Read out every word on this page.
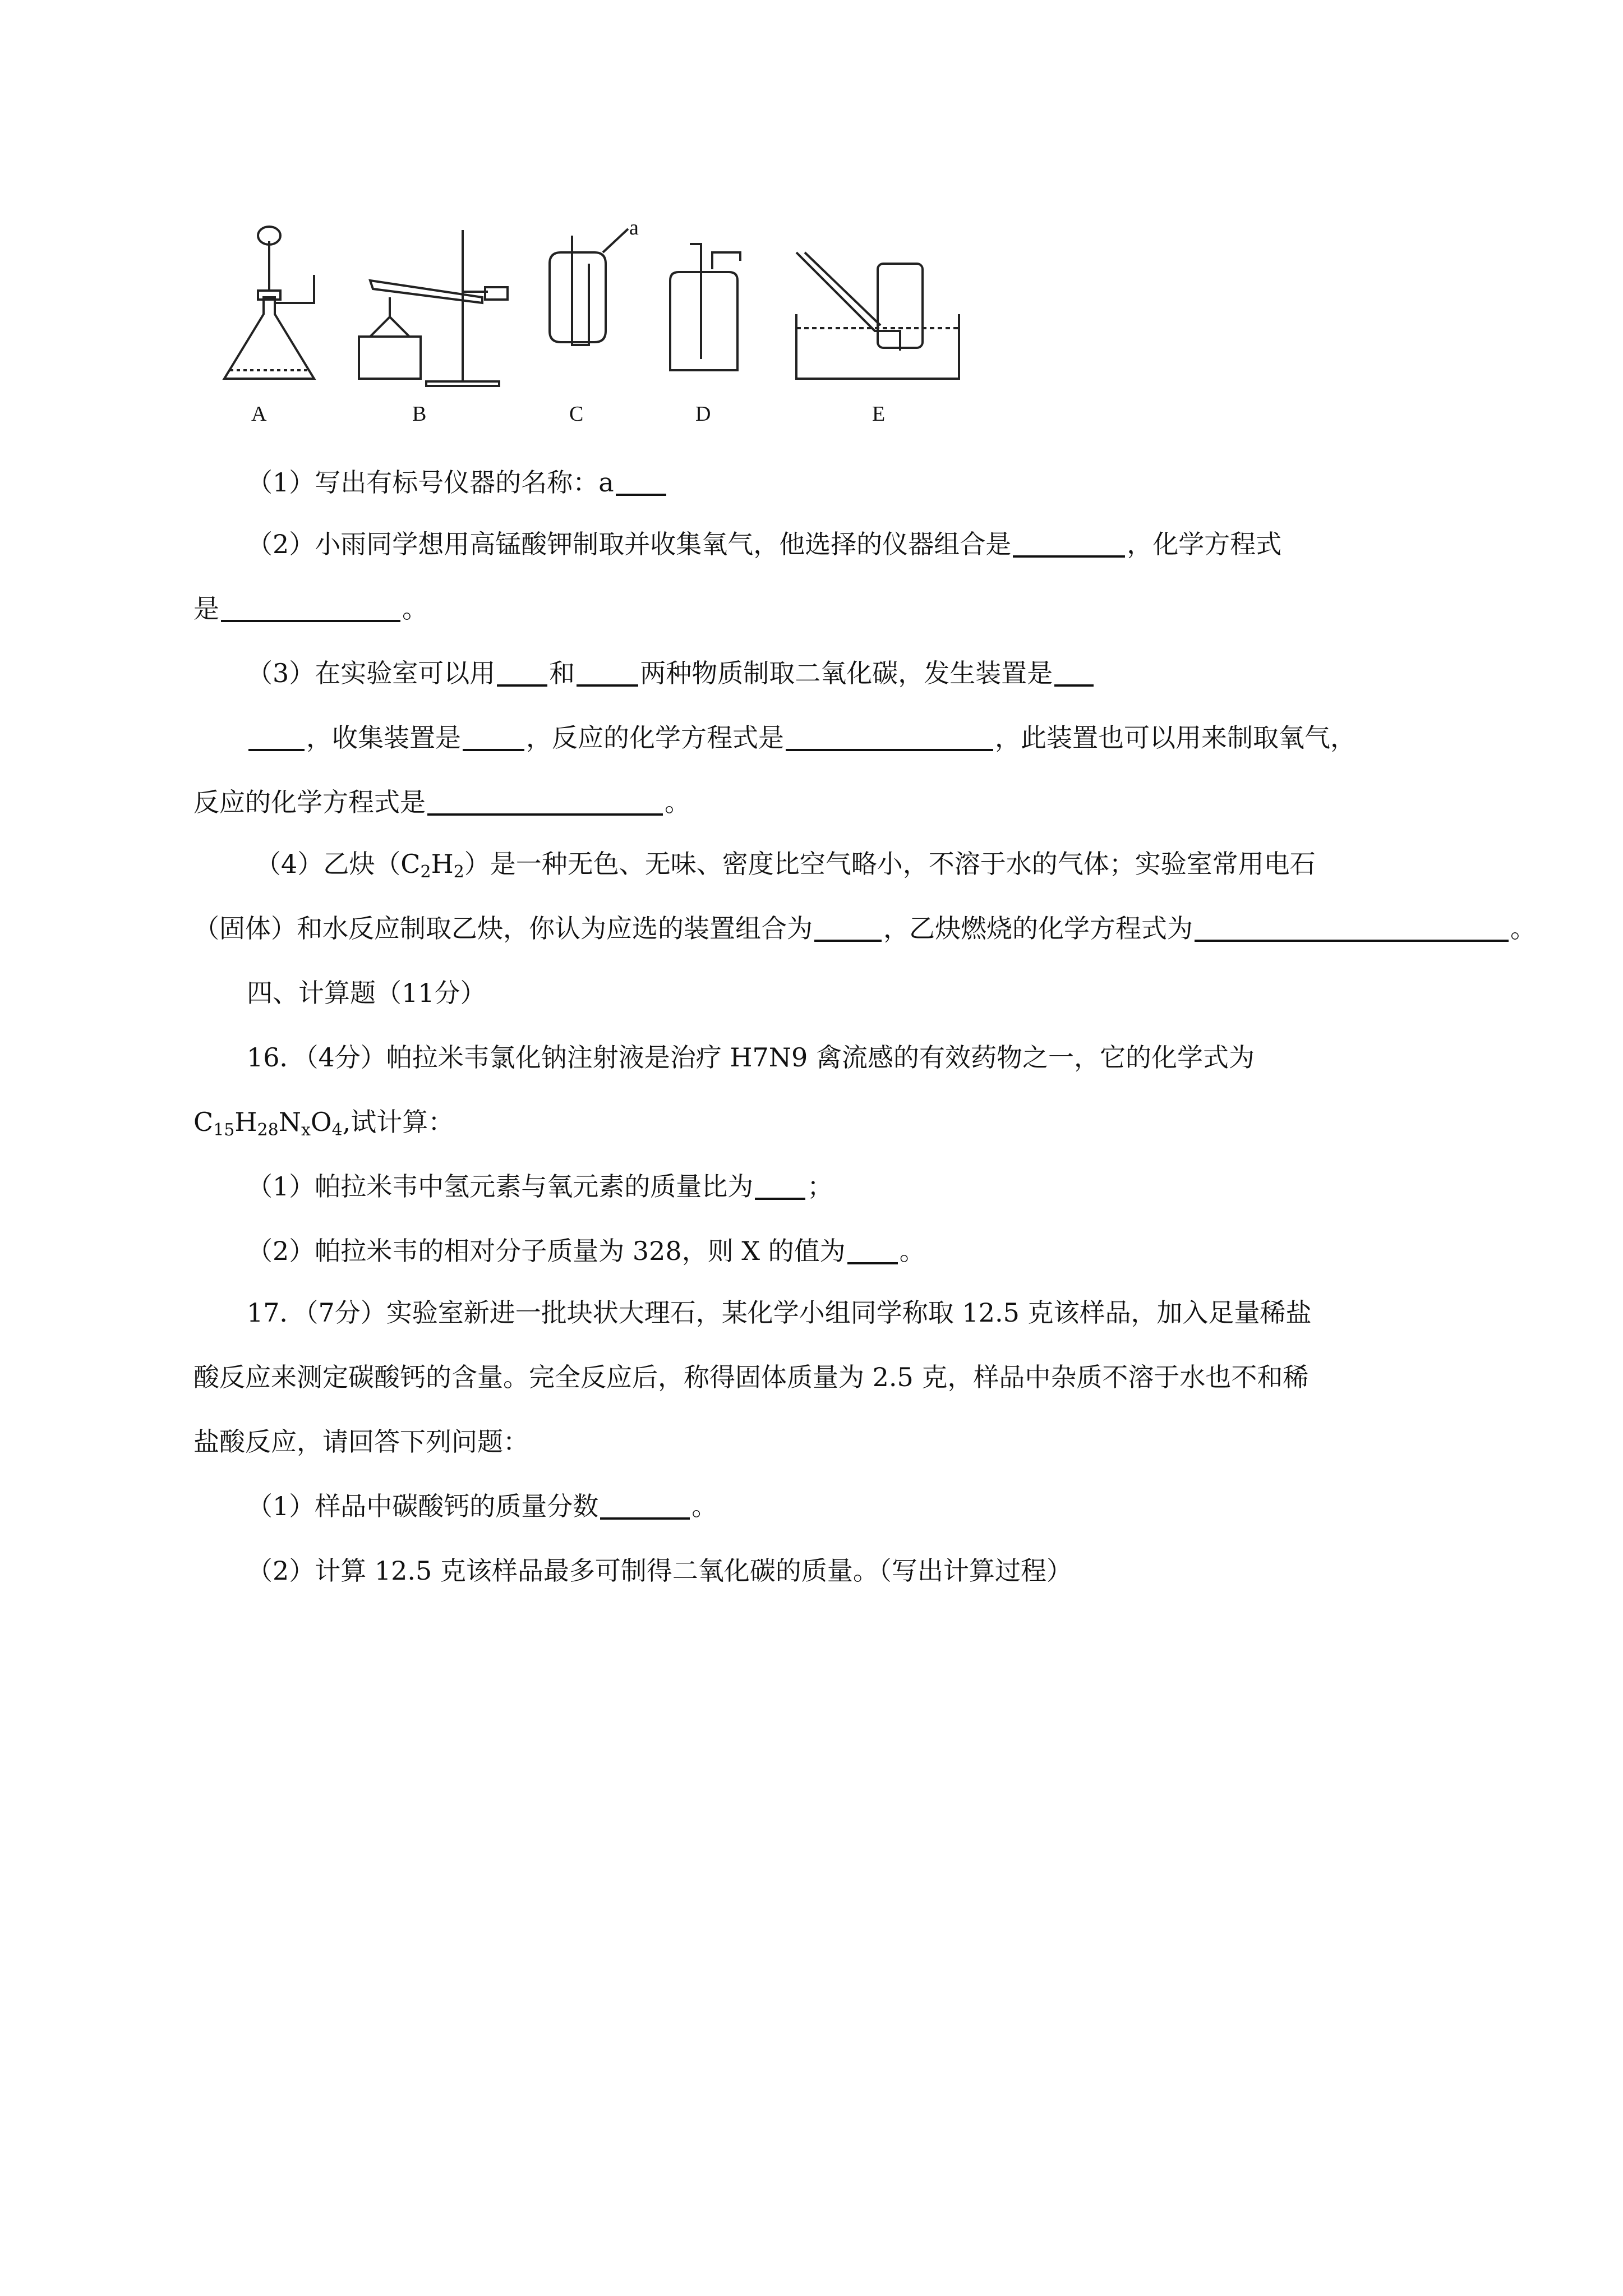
A	B	C	D	E
a
（1）写出有标号仪器的名称：a
（2）小雨同学想用高锰酸钾制取并收集氧气，他选择的仪器组合是	，化学方程式
是	。
（3）在实验室可以用 和	两种物质制取二氧化碳，发生装置是
，收集装置是	，反应的化学方程式是	，此装置也可以用来制取氧气，
反应的化学方程式是	。
（4）乙炔$(C_2H_2)$是一种无色、无味、密度比空气略小，不溶于水的气体；实验室常用电石
（固体）和水反应制取乙炔，你认为应选的装置组合为	，乙炔燃烧的化学方程式为	。
四、计算题（11分）
16．（4分）帕拉米韦氯化钠注射液是治疗 H7N9 禽流感的有效药物之一，它的化学式为
$C_{15}H_{28}N_xO_4$,试计算：
（1）帕拉米韦中氢元素与氧元素的质量比为 ；
（2）帕拉米韦的相对分子质量为 328，则 X 的值为 。
17．（7分）实验室新进一批块状大理石，某化学小组同学称取 12.5 克该样品，加入足量稀盐
酸反应来测定碳酸钙的含量。完全反应后，称得固体质量为 2.5 克，样品中杂质不溶于水也不和稀
盐酸反应，请回答下列问题：
（1）样品中碳酸钙的质量分数	。
（2）计算 12.5 克该样品最多可制得二氧化碳的质量。（写出计算过程）
